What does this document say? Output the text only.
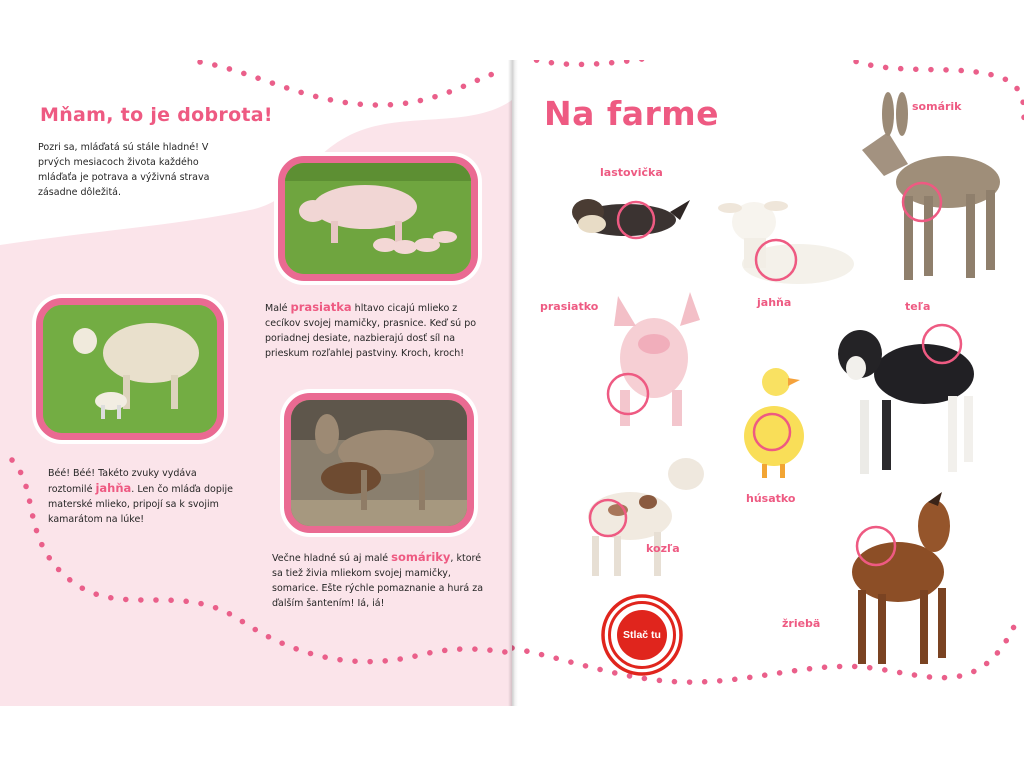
Mňam, to je dobrota!

Pozri sa, mláďatá sú stále hladné! V prvých mesiacoch života každého mláďaťa je potrava a výživná strava zásadne dôležitá.

Malé prasiatka hltavo cicajú mlieko z cecíkov svojej mamičky, prasnice. Keď sú po poriadnej desiate, nazbierajú dosť síl na prieskum rozľahlej pastviny. Kroch, kroch!

Béé! Béé! Takéto zvuky vydáva roztomilé jahňa. Len čo mláďa dopije materské mlieko, pripojí sa k svojim kamarátom na lúke!

Večne hladné sú aj malé somáriky, ktoré sa tiež živia mliekom svojej mamičky, somarice. Ešte rýchle pomaznanie a hurá za ďalším šantením! Iá, iá!

Na farme
lastovička
jahňa
somárik
prasiatko	teľa
húsatko
kozľa
žriebä
Stlač tu
